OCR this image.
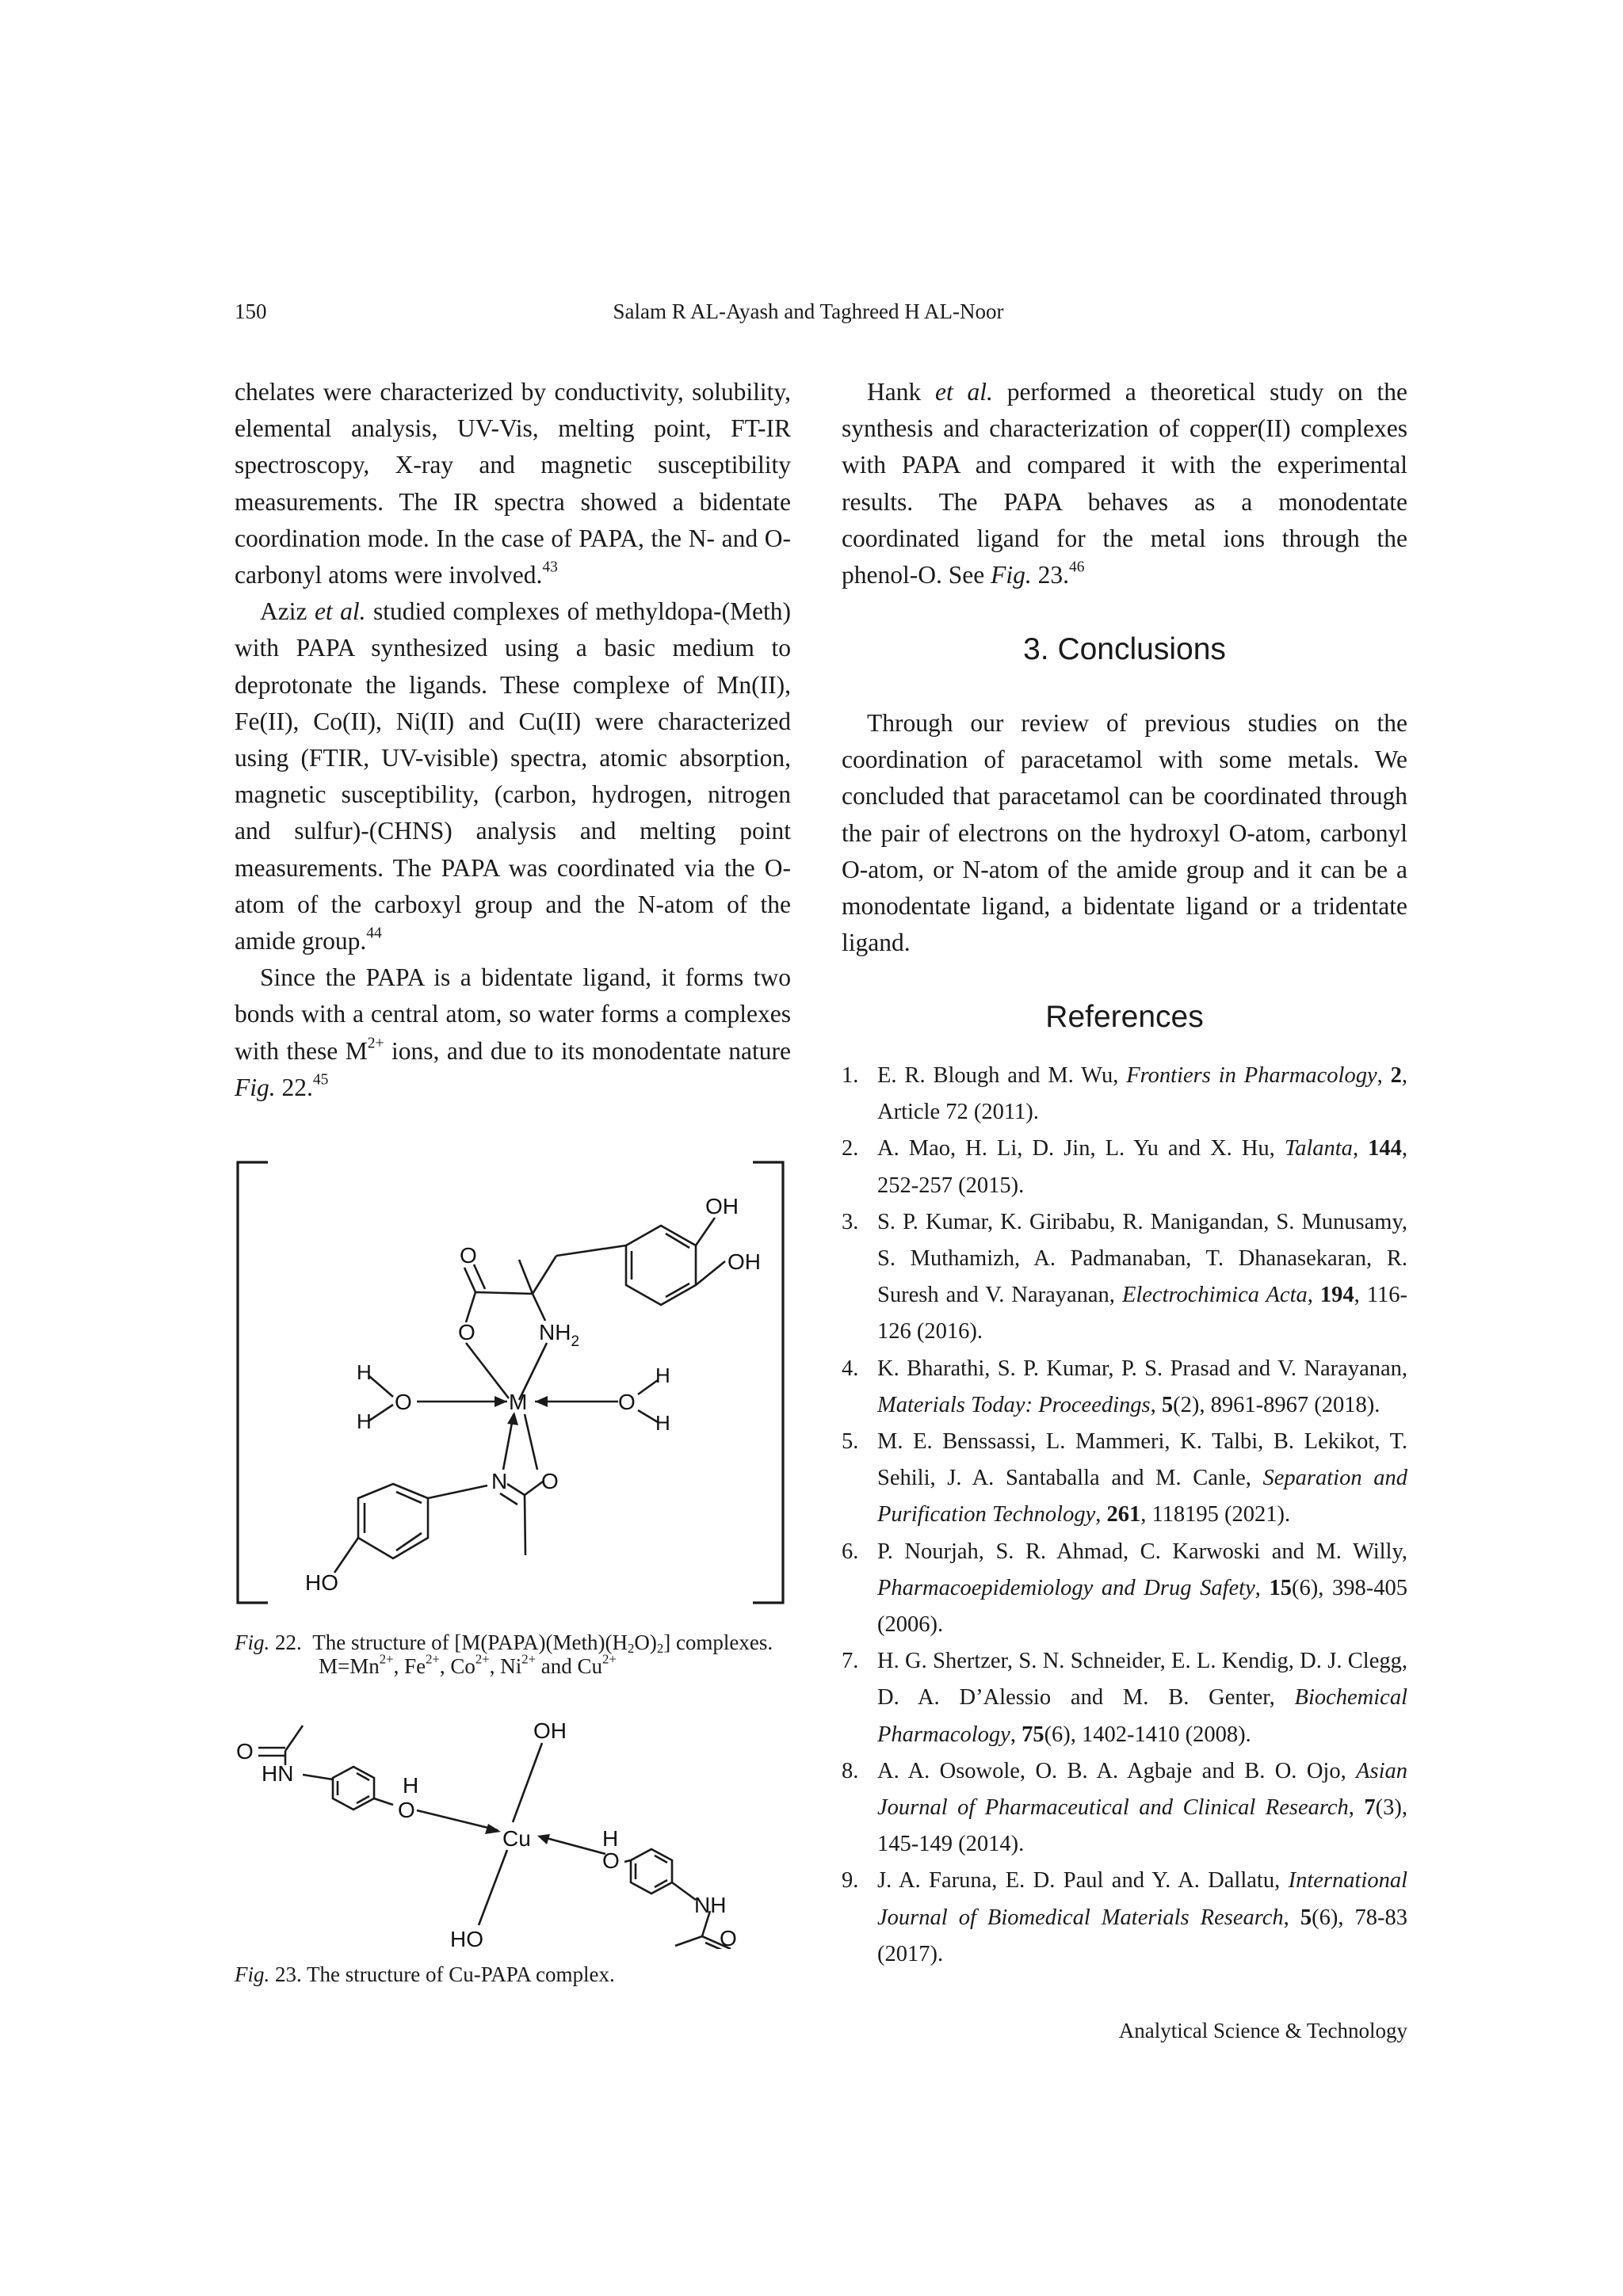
150	Salam R AL-Ayash and Taghreed H AL-Noor

chelates were characterized by conductivity, solubility, elemental analysis, UV-Vis, melting point, FT-IR spectroscopy, X-ray and magnetic susceptibility measurements. The IR spectra showed a bidentate coordination mode. In the case of PAPA, the N- and O-carbonyl atoms were involved.$^{43}$

Aziz et al. studied complexes of methyldopa-(Meth) with PAPA synthesized using a basic medium to deprotonate the ligands. These complexe of Mn(II), Fe(II), Co(II), Ni(II) and Cu(II) were characterized using (FTIR, UV-visible) spectra, atomic absorption, magnetic susceptibility, (carbon, hydrogen, nitrogen and sulfur)-(CHNS) analysis and melting point measurements. The PAPA was coordinated via the O-atom of the carboxyl group and the N-atom of the amide group.$^{44}$

Since the PAPA is a bidentate ligand, it forms two bonds with a central atom, so water forms a complexes with these $M^{2+}$ ions, and due to its monodentate nature Fig. 22.45

OH
OH
O
O	$NH_2$
H
O
H
M	O
H
H
N O
HO
Fig. 22. The structure of $[M(PAPA)(Meth)(H_2O)_2]$ complexes.
$M=Mn^{2+}$, $Fe^{2+}$, $Co^{2+}$, $Ni^{2+}$ and $Cu^{2+}$
O
HN	H
O
OH
Cu	H
O
NH
O
HO
Fig. 23. The structure of Cu-PAPA complex.

Hank et al. performed a theoretical study on the synthesis and characterization of copper(II) complexes with PAPA and compared it with the experimental results. The PAPA behaves as a monodentate coordinated ligand for the metal ions through the phenol-O. See Fig. 23.46

3. Conclusions

Through our review of previous studies on the coordination of paracetamol with some metals. We concluded that paracetamol can be coordinated through the pair of electrons on the hydroxyl O-atom, carbonyl O-atom, or N-atom of the amide group and it can be a monodentate ligand, a bidentate ligand or a tridentate ligand.

References
1. E. R. Blough and M. Wu, Frontiers in Pharmacology, 2, Article 72 (2011).
2. A. Mao, H. Li, D. Jin, L. Yu and X. Hu, Talanta, 144, 252-257 (2015).
3. S. P. Kumar, K. Giribabu, R. Manigandan, S. Munusamy, S. Muthamizh, A. Padmanaban, T. Dhanasekaran, R. Suresh and V. Narayanan, Electrochimica Acta, 194, 116-126 (2016).
4. K. Bharathi, S. P. Kumar, P. S. Prasad and V. Narayanan, Materials Today: Proceedings, 5(2), 8961-8967 (2018).
5. M. E. Benssassi, L. Mammeri, K. Talbi, B. Lekikot, T. Sehili, J. A. Santaballa and M. Canle, Separation and Purification Technology, 261, 118195 (2021).
6. P. Nourjah, S. R. Ahmad, C. Karwoski and M. Willy, Pharmacoepidemiology and Drug Safety, 15(6), 398-405 (2006).
7. H. G. Shertzer, S. N. Schneider, E. L. Kendig, D. J. Clegg, D. A. D’Alessio and M. B. Genter, Biochemical Pharmacology, 75(6), 1402-1410 (2008).
8. A. A. Osowole, O. B. A. Agbaje and B. O. Ojo, Asian Journal of Pharmaceutical and Clinical Research, 7(3), 145-149 (2014).
9. J. A. Faruna, E. D. Paul and Y. A. Dallatu, International Journal of Biomedical Materials Research, 5(6), 78-83 (2017).
Analytical Science & Technology
